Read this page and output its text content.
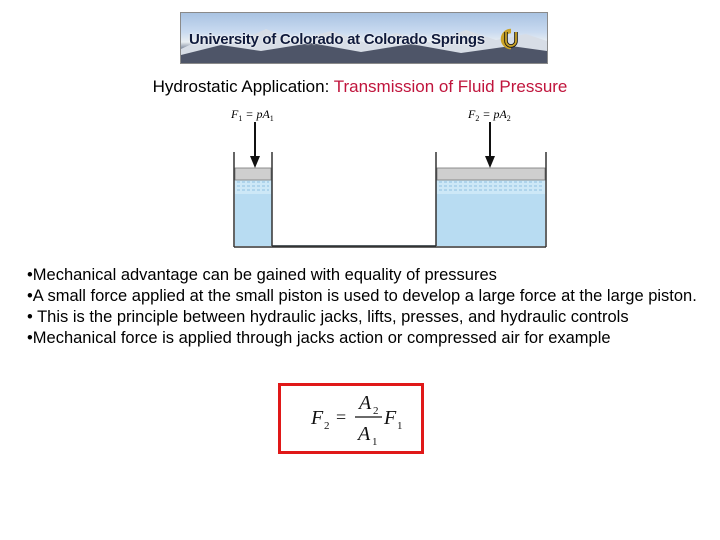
University of Colorado at Colorado Springs
Hydrostatic Application: Transmission of Fluid Pressure
$F_1 = pA_1$	$F_2 = pA_2$

•Mechanical advantage can be gained with equality of pressures

•A small force applied at the small piston is used to develop a large force at the large piston.

• This is the principle between hydraulic jacks, lifts, presses, and hydraulic controls

•Mechanical force is applied through jacks action or compressed air for example

F 2 =
A 2
A 1
F 1
